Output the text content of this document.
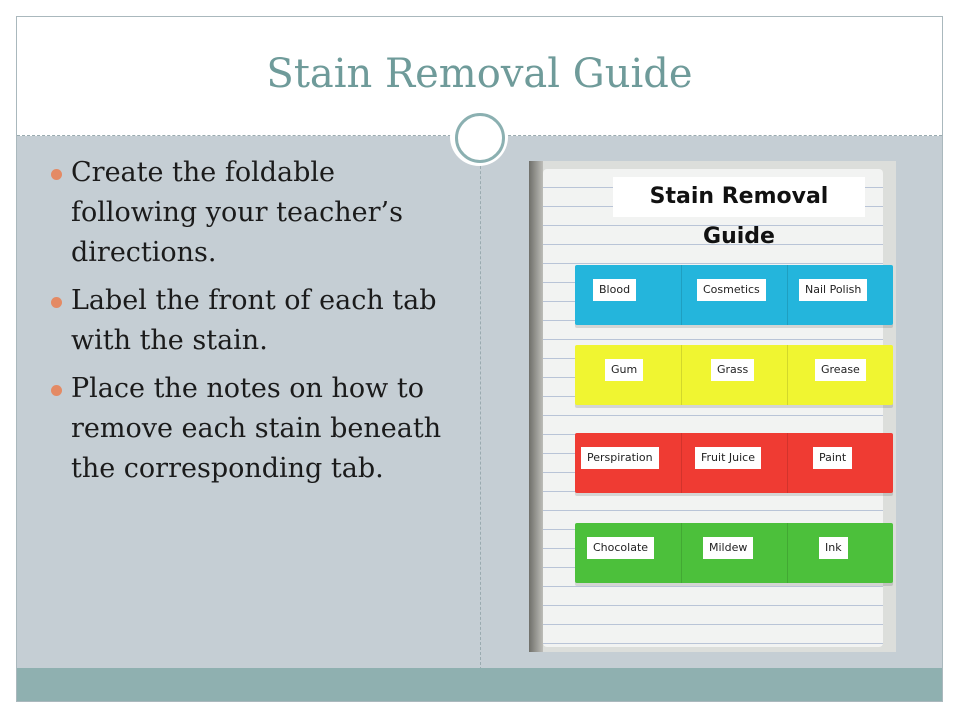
Stain Removal Guide
Create the foldable following your teacher’s directions.
Label the front of each tab with the stain.
Place the notes on how to remove each stain beneath the corresponding tab.
Stain Removal Guide
Blood	Cosmetics	Nail Polish
Gum	Grass	Grease
Perspiration	Fruit Juice	Paint
Chocolate	Mildew	Ink
